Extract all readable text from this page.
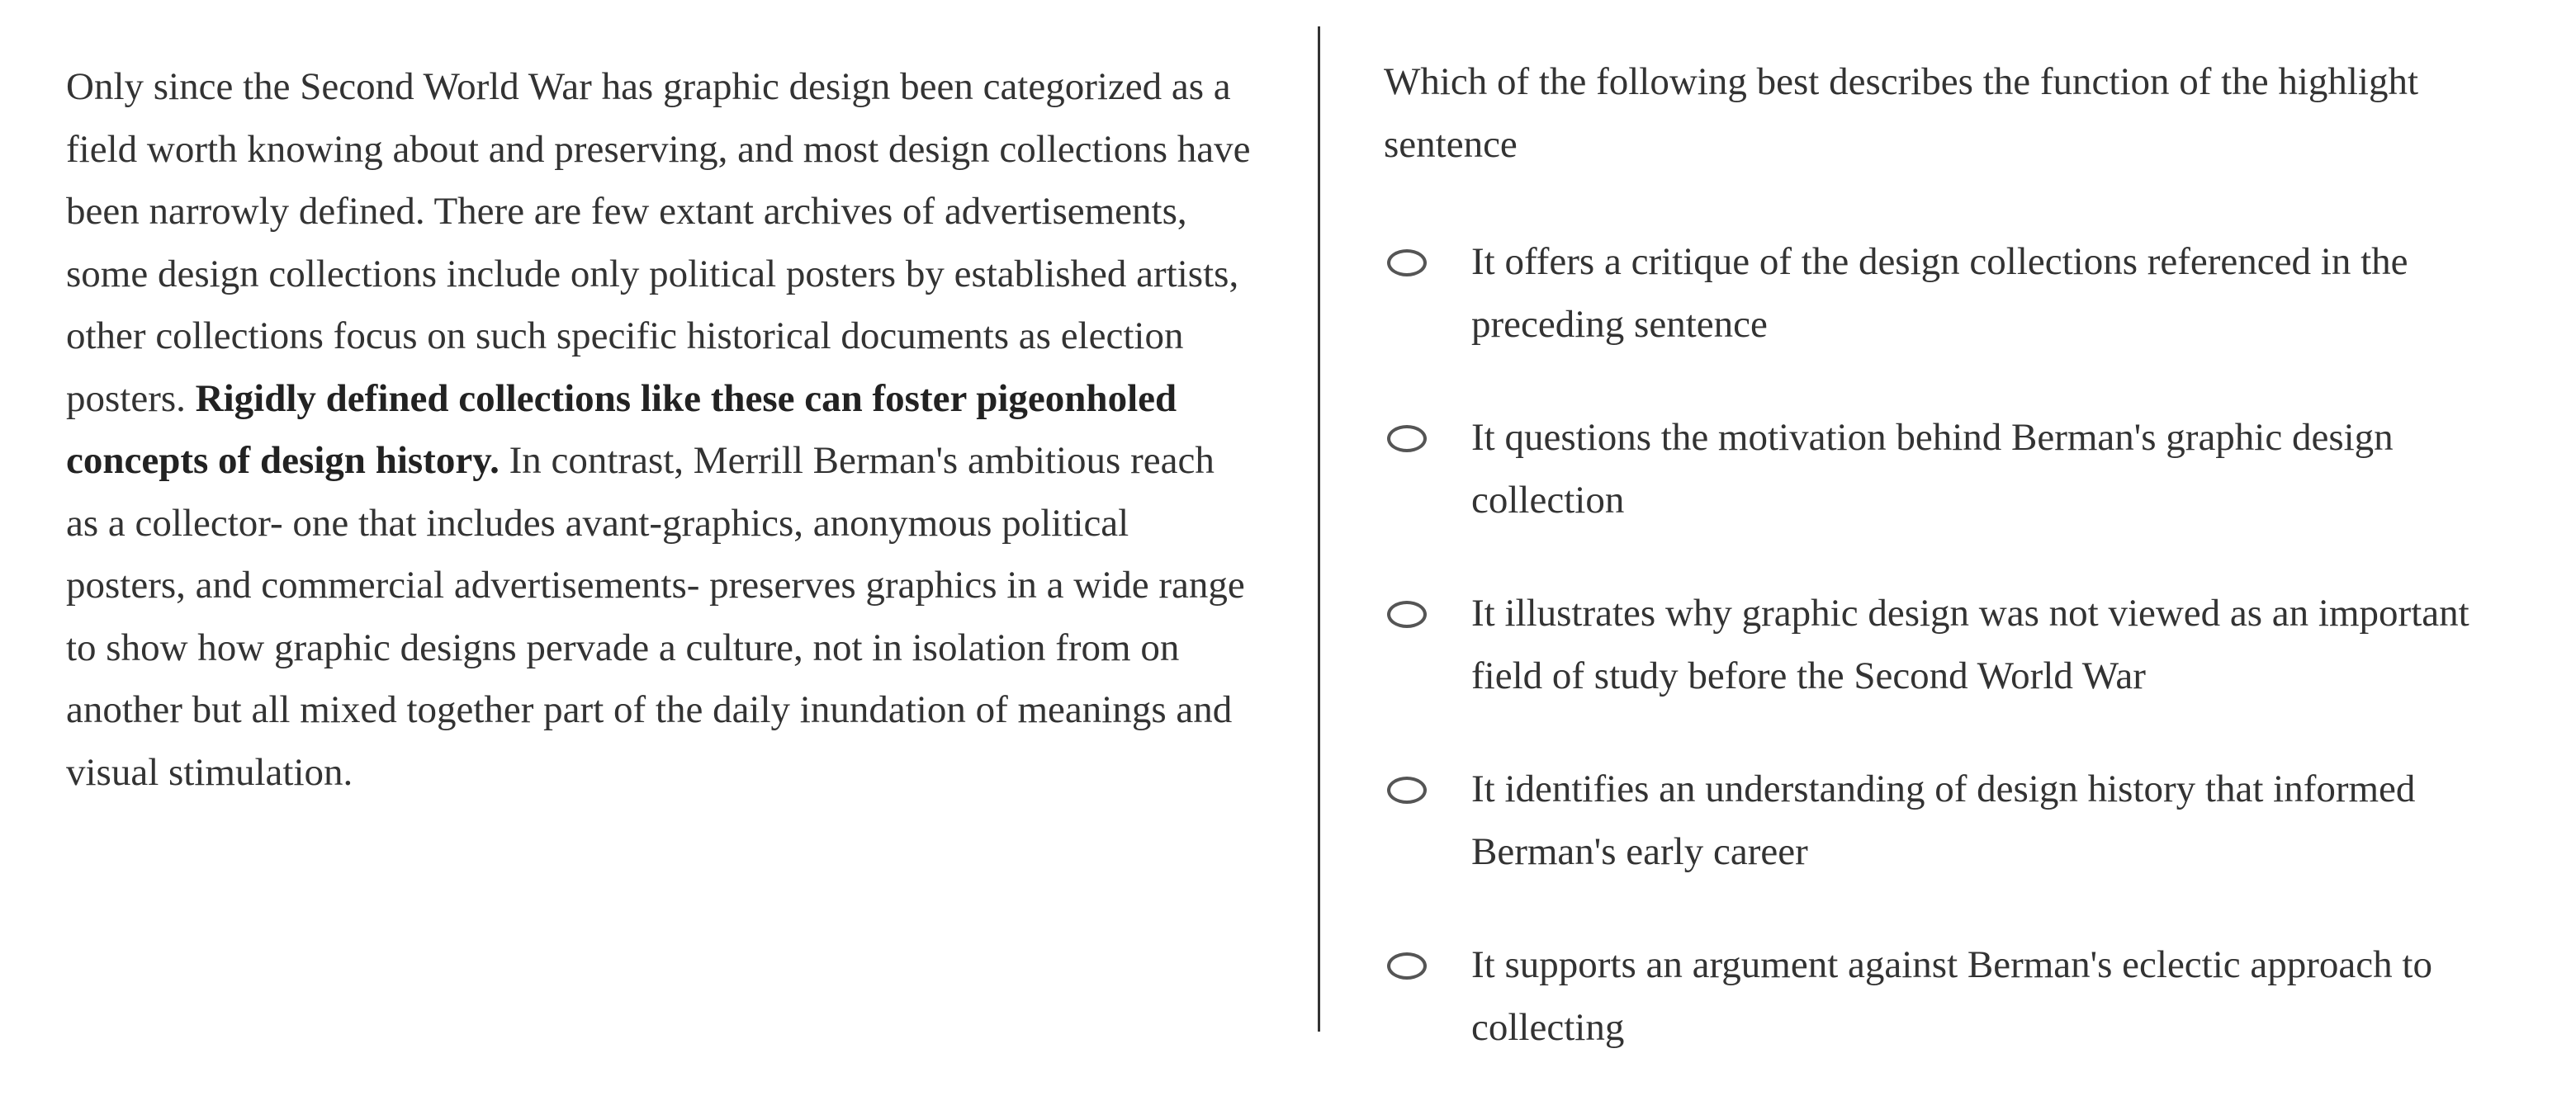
Only since the Second World War has graphic design been categorized as a field worth knowing about and preserving, and most design collections have been narrowly defined. There are few extant archives of advertisements, some design collections include only political posters by established artists, other collections focus on such specific historical documents as election posters. Rigidly defined collections like these can foster pigeonholed concepts of design history. In contrast, Merrill Berman's ambitious reach as a collector- one that includes avant-graphics, anonymous political posters, and commercial advertisements- preserves graphics in a wide range to show how graphic designs pervade a culture, not in isolation from on another but all mixed together part of the daily inundation of meanings and visual stimulation.
Which of the following best describes the function of the highlight sentence
It offers a critique of the design collections referenced in the preceding sentence
It questions the motivation behind Berman's graphic design collection
It illustrates why graphic design was not viewed as an important field of study before the Second World War
It identifies an understanding of design history that informed Berman's early career
It supports an argument against Berman's eclectic approach to collecting
